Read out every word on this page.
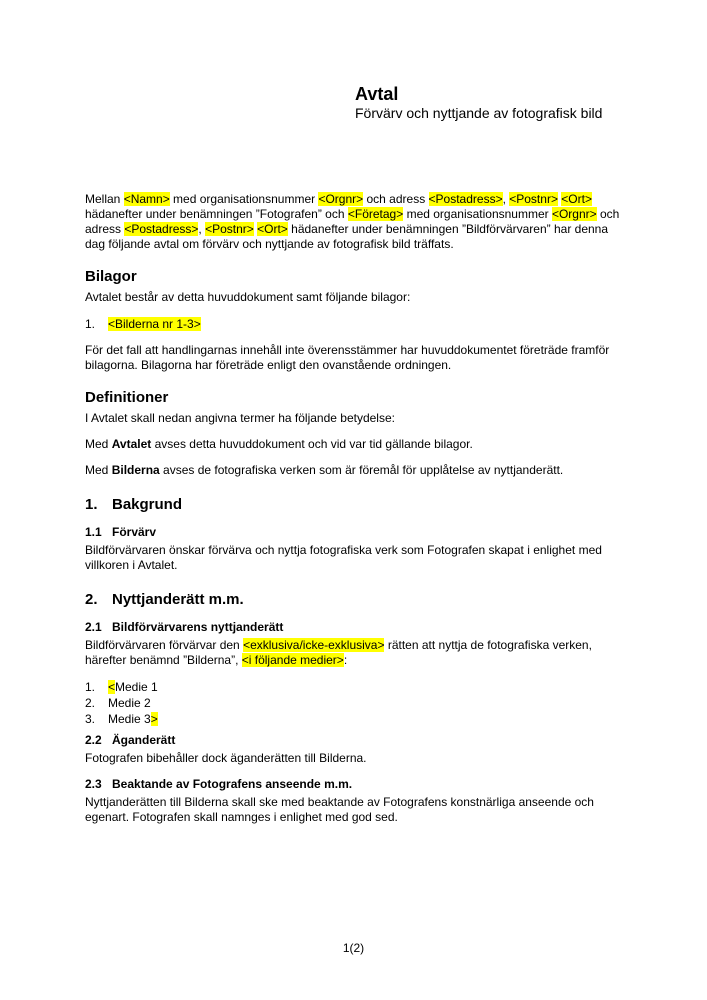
Avtal
Förvärv och nyttjande av fotografisk bild

Mellan <Namn> med organisationsnummer <Orgnr> och adress <Postadress>, <Postnr> <Ort> hädanefter under benämningen ”Fotografen” och <Företag> med organisationsnummer <Orgnr> och adress <Postadress>, <Postnr> <Ort> hädanefter under benämningen ”Bildförvärvaren” har denna dag följande avtal om förvärv och nyttjande av fotografisk bild träffats.

Bilagor

Avtalet består av detta huvuddokument samt följande bilagor:

1. <Bilderna nr 1-3>

För det fall att handlingarnas innehåll inte överensstämmer har huvuddokumentet företräde framför bilagorna. Bilagorna har företräde enligt den ovanstående ordningen.

Definitioner

I Avtalet skall nedan angivna termer ha följande betydelse:

Med Avtalet avses detta huvuddokument och vid var tid gällande bilagor.

Med Bilderna avses de fotografiska verken som är föremål för upplåtelse av nyttjanderätt.

1. Bakgrund
1.1 Förvärv

Bildförvärvaren önskar förvärva och nyttja fotografiska verk som Fotografen skapat i enlighet med villkoren i Avtalet.

2. Nyttjanderätt m.m.
2.1 Bildförvärvarens nyttjanderätt

Bildförvärvaren förvärvar den <exklusiva/icke-exklusiva> rätten att nyttja de fotografiska verken, härefter benämnd ”Bilderna”, <i följande medier>:

1. <Medie 1
2. Medie 2
3. Medie 3>
2.2 Äganderätt

Fotografen bibehåller dock äganderätten till Bilderna.

2.3 Beaktande av Fotografens anseende m.m.

Nyttjanderätten till Bilderna skall ske med beaktande av Fotografens konstnärliga anseende och egenart. Fotografen skall namnges i enlighet med god sed.

1(2)
